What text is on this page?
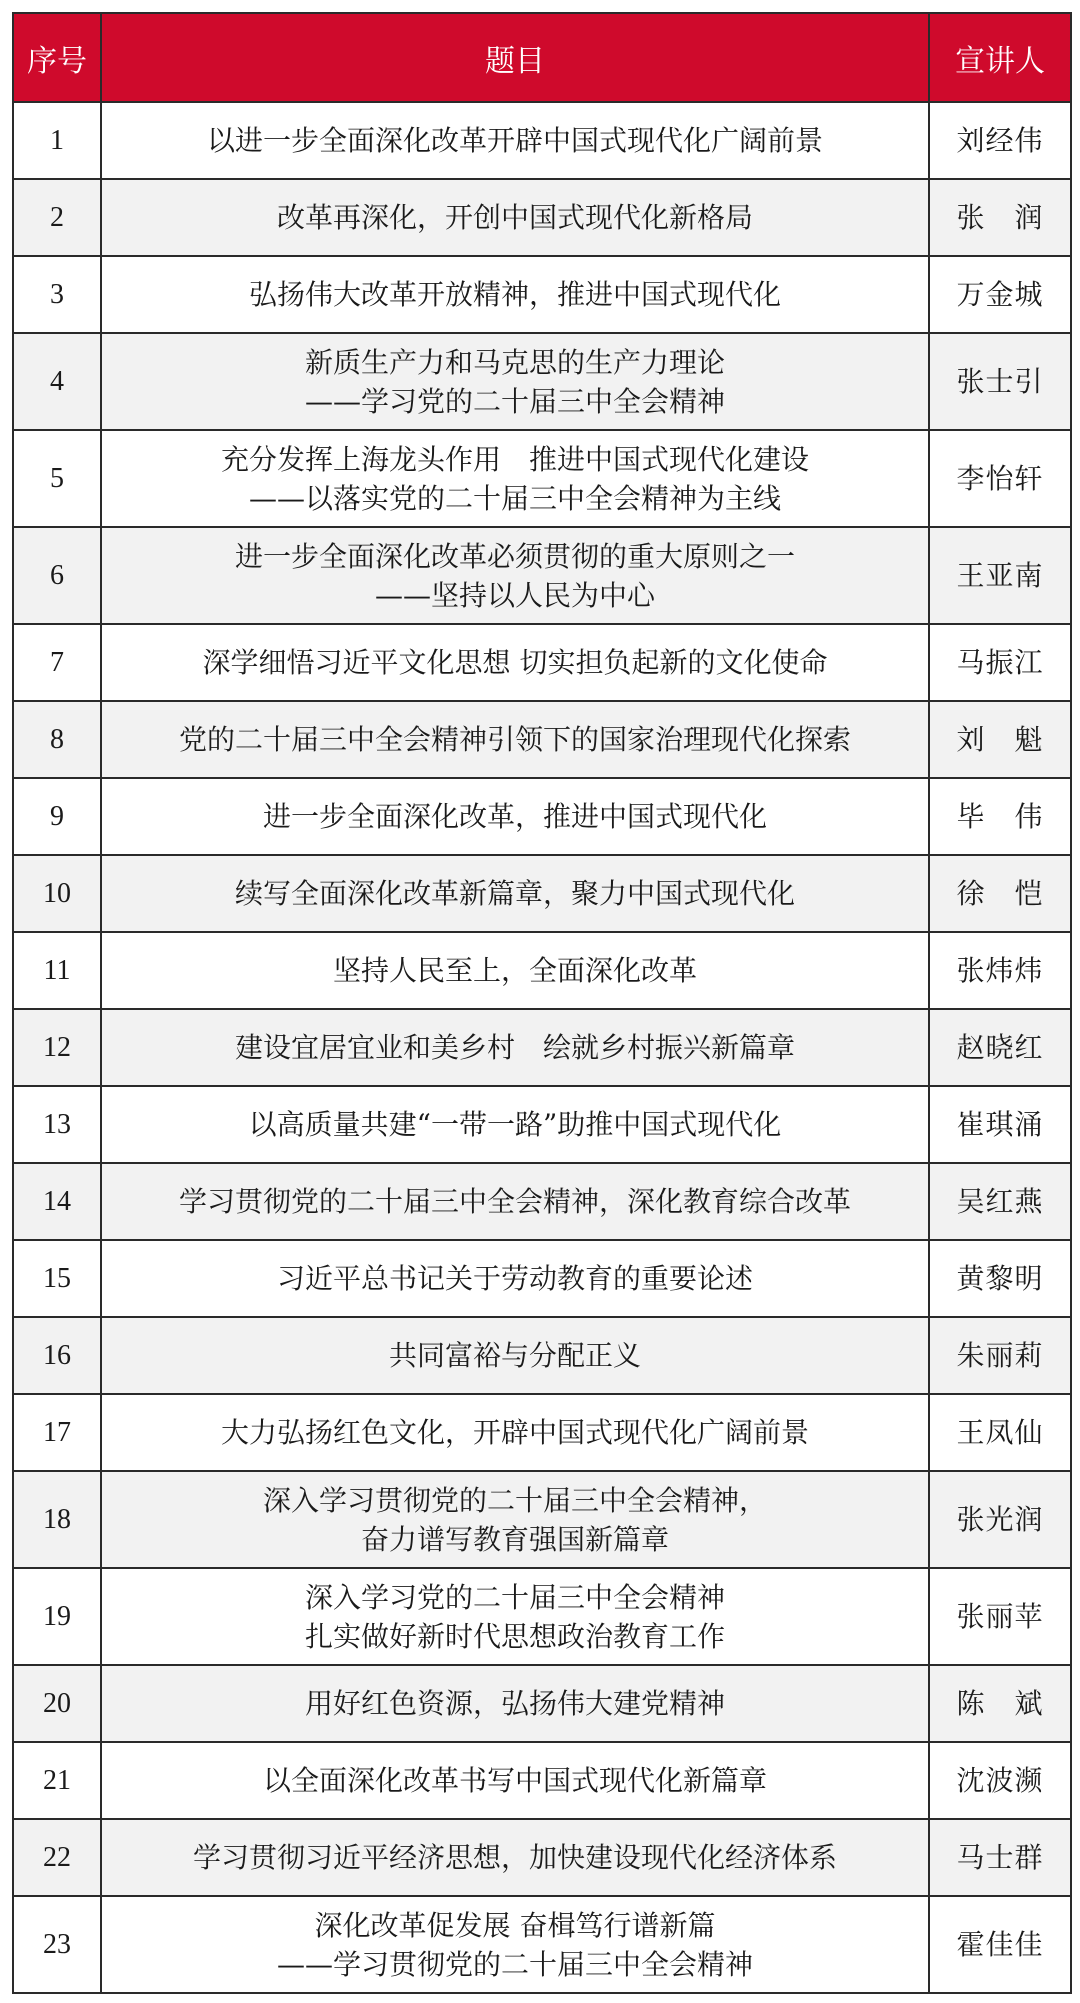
序号	题目	宣讲人
1	以进一步全面深化改革开辟中国式现代化广阔前景	刘经伟
2	改革再深化，开创中国式现代化新格局	张　润
3	弘扬伟大改革开放精神，推进中国式现代化	万金城
4	新质生产力和马克思的生产力理论
——学习党的二十届三中全会精神	张士引
5	充分发挥上海龙头作用　推进中国式现代化建设
——以落实党的二十届三中全会精神为主线	李怡轩
6	进一步全面深化改革必须贯彻的重大原则之一
——坚持以人民为中心	王亚南
7	深学细悟习近平文化思想 切实担负起新的文化使命	马振江
8	党的二十届三中全会精神引领下的国家治理现代化探索	刘　魁
9	进一步全面深化改革，推进中国式现代化	毕　伟
10	续写全面深化改革新篇章，聚力中国式现代化	徐　恺
11	坚持人民至上，全面深化改革	张炜炜
12	建设宜居宜业和美乡村　绘就乡村振兴新篇章	赵晓红
13	以高质量共建“一带一路”助推中国式现代化	崔琪涌
14	学习贯彻党的二十届三中全会精神，深化教育综合改革	吴红燕
15	习近平总书记关于劳动教育的重要论述	黄黎明
16	共同富裕与分配正义	朱丽莉
17	大力弘扬红色文化，开辟中国式现代化广阔前景	王凤仙
18	深入学习贯彻党的二十届三中全会精神，
奋力谱写教育强国新篇章	张光润
19	深入学习党的二十届三中全会精神
扎实做好新时代思想政治教育工作	张丽苹
20	用好红色资源，弘扬伟大建党精神	陈　斌
21	以全面深化改革书写中国式现代化新篇章	沈波濒
22	学习贯彻习近平经济思想，加快建设现代化经济体系	马士群
23	深化改革促发展 奋楫笃行谱新篇
——学习贯彻党的二十届三中全会精神	霍佳佳
